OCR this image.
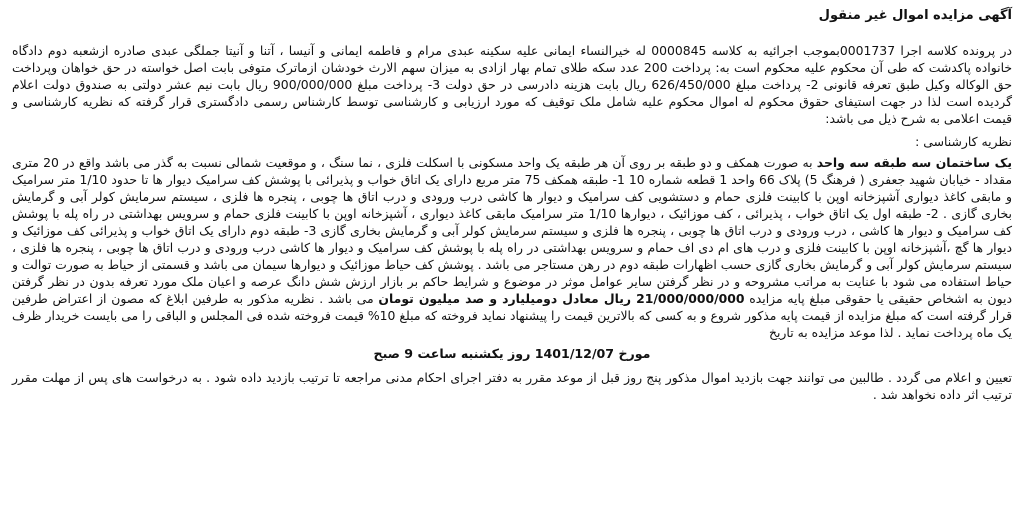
آگهی مزایده اموال غیر منقول

در پرونده کلاسه اجرا 0001737بموجب اجرائیه به کلاسه 0000845 له خیرالنساء ایمانی علیه سکینه عبدی مرام و فاطمه ایمانی و آنیسا ، آتنا و آنیتا جملگی عبدی صادره ازشعبه دوم دادگاه خانواده پاکدشت که طی آن محکوم علیه محکوم است به: پرداخت 200 عدد سکه طلای تمام بهار ازادی به میزان سهم الارث خودشان ازماترک متوفی بابت اصل خواسته در حق خواهان وپرداخت حق الوکاله وکیل طبق تعرفه قانونی 2- پرداخت مبلغ 626/450/000 ریال بابت هزینه دادرسی در حق دولت 3- پرداخت مبلغ 900/000/000 ریال بابت نیم عشر دولتی به صندوق دولت اعلام گردیده است لذا در جهت استیفای حقوق محکوم له اموال محکوم علیه شامل ملک توقیف که مورد ارزیابی و کارشناسی توسط کارشناس رسمی دادگستری قرار گرفته که نظریه کارشناسی و قیمت اعلامی به شرح ذیل می باشد:

نظریه کارشناسی :

یک ساختمان سه طبقه سه واحد به صورت همکف و دو طبقه بر روی آن هر طبقه یک واحد مسکونی با اسکلت فلزی ، نما سنگ ، و موقعیت شمالی نسبت به گذر می باشد واقع در 20 متری مقداد - خیابان شهید جعفری ( فرهنگ 5) پلاک 66 واحد 1 قطعه شماره 10 1- طبقه همکف 75 متر مربع دارای یک اتاق خواب و پذیرائی با پوشش کف سرامیک دیوار ها تا حدود 1/10 متر سرامیک و مابقی کاغذ دیواری آشپزخانه اوپن با کابینت فلزی حمام و دستشویی کف سرامیک و دیوار ها کاشی درب ورودی و درب اتاق ها چوبی ، پنجره ها فلزی ، سیستم سرمایش کولر آبی و گرمایش بخاری گازی . 2- طبقه اول یک اتاق خواب ، پذیرائی ، کف موزائیک ، دیوارها 1/10 متر سرامیک مابقی کاغذ دیواری ، آشپزخانه اوپن با کابینت فلزی حمام و سرویس بهداشتی در راه پله با پوشش کف سرامیک و دیوار ها کاشی ، درب ورودی و درب اتاق ها چوبی ، پنجره ها فلزی و سیستم سرمایش کولر آبی و گرمایش بخاری گازی 3- طبقه دوم دارای یک اتاق خواب و پذیرائی کف موزائیک و دیوار ها گچ ،آشپزخانه اوپن با کابینت فلزی و درب های ام دی اف حمام و سرویس بهداشتی در راه پله با پوشش کف سرامیک و دیوار ها کاشی درب ورودی و درب اتاق ها چوبی ، پنجره ها فلزی ، سیستم سرمایش کولر آبی و گرمایش بخاری گازی حسب اظهارات طبقه دوم در رهن مستاجر می باشد . پوشش کف حیاط موزائیک و دیوارها سیمان می باشد و قسمتی از حیاط به صورت توالت و حیاط استفاده می شود با عنایت به مراتب مشروحه و در نظر گرفتن سایر عوامل موثر در موضوع و شرایط حاکم بر بازار ارزش شش دانگ عرصه و اعیان ملک مورد تعرفه بدون در نظر گرفتن دیون به اشخاص حقیقی یا حقوقی مبلغ پایه مزایده 21/000/000/000 ریال معادل دومیلیارد و صد میلیون تومان می باشد . نظریه مذکور به طرفین ابلاغ که مصون از اعتراض طرفین قرار گرفته است که مبلغ مزایده از قیمت پایه مذکور شروع و به کسی که بالاترین قیمت را پیشنهاد نماید فروخته که مبلغ 10% قیمت فروخته شده فی المجلس و الباقی را می بایست خریدار ظرف یک ماه پرداخت نماید . لذا موعد مزایده به تاریخ

مورخ 1401/12/07 روز یکشنبه ساعت 9 صبح

تعیین و اعلام می گردد . طالبین می توانند جهت بازدید اموال مذکور پنج روز قبل از موعد مقرر به دفتر اجرای احکام مدنی مراجعه تا ترتیب بازدید داده شود . به درخواست های پس از مهلت مقرر ترتیب اثر داده نخواهد شد .
